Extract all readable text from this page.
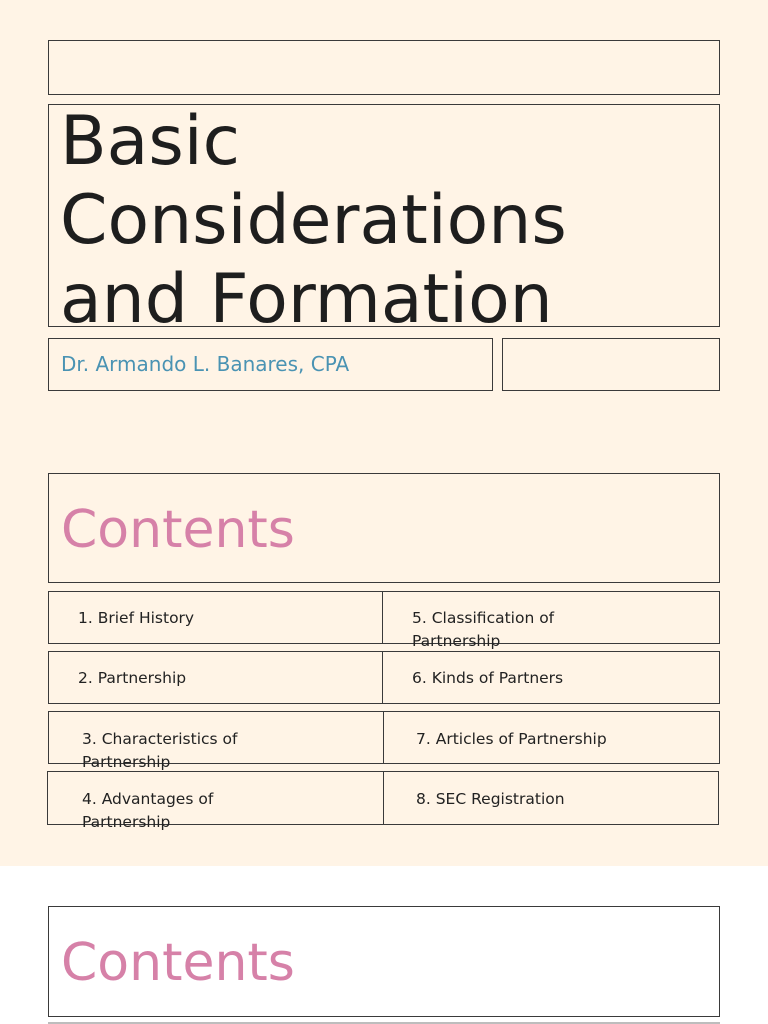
Basic
Considerations
and Formation
Dr. Armando L. Banares, CPA
Contents
1. Brief History	5. Classification of Partnership
2. Partnership	6. Kinds of Partners
3. Characteristics of Partnership
7. Articles of Partnership
4. Advantages of Partnership
8. SEC Registration
Contents
